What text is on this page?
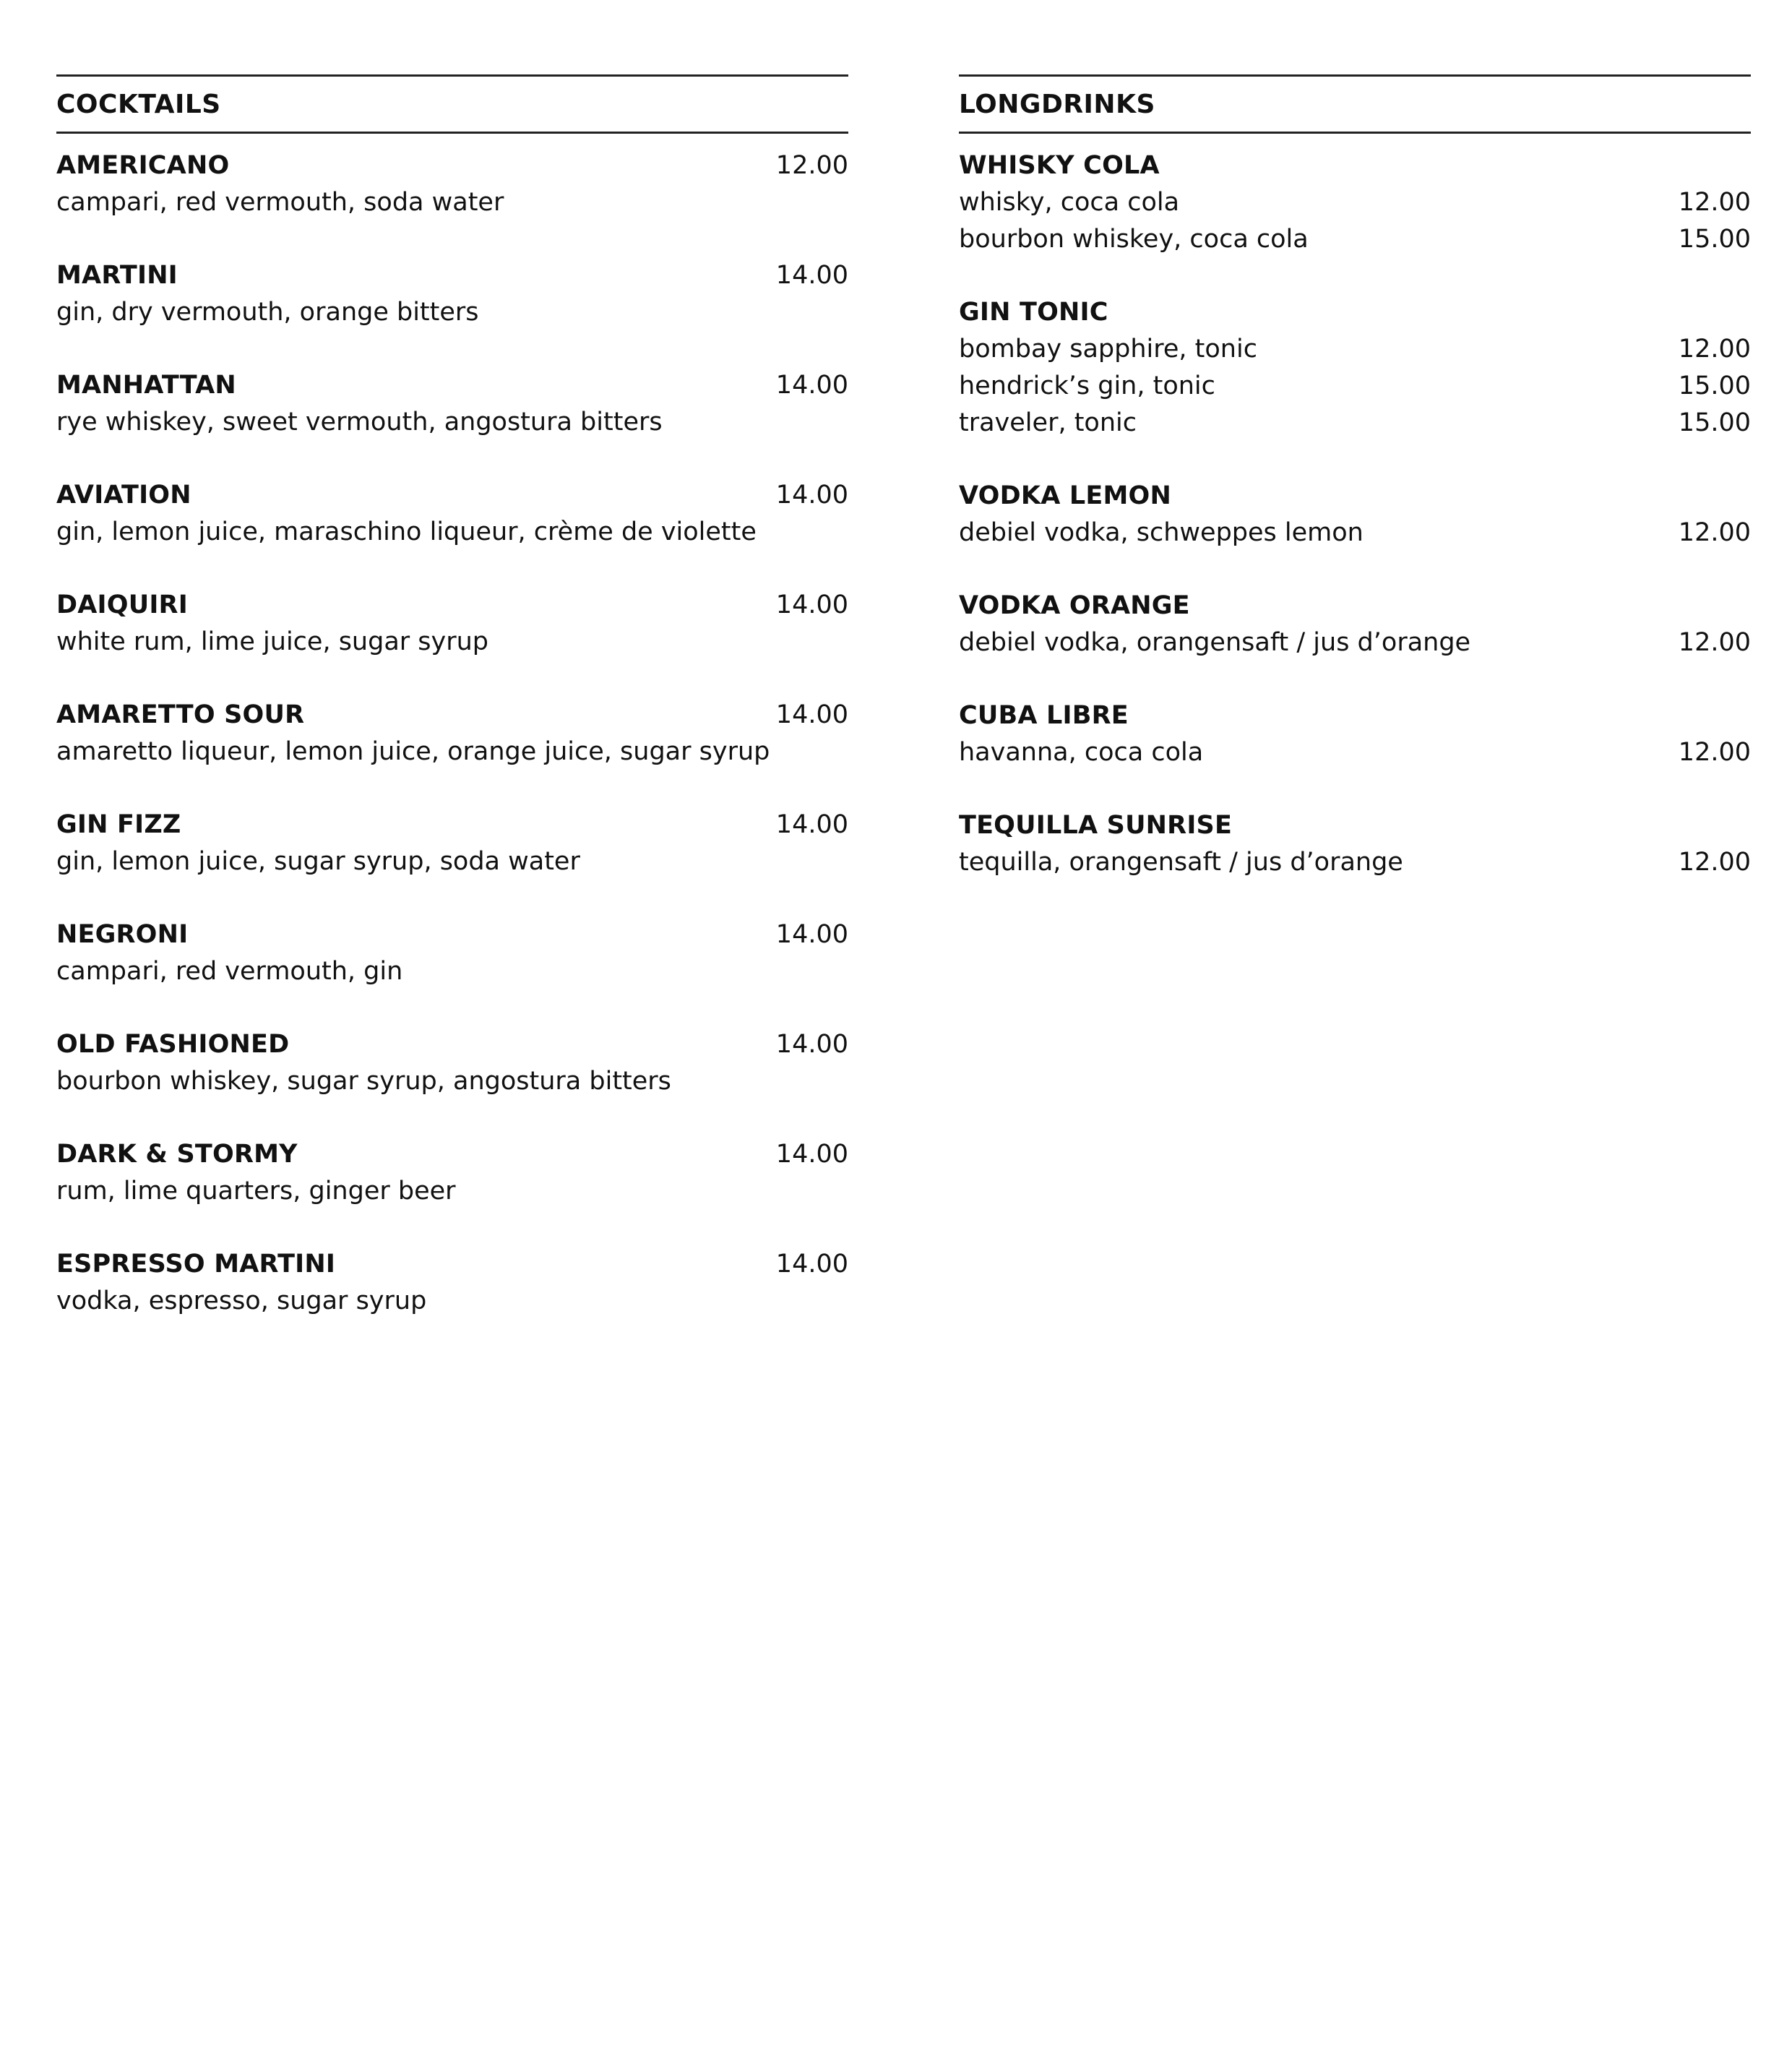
COCKTAILS
AMERICANO	12.00
campari, red vermouth, soda water
MARTINI	14.00
gin, dry vermouth, orange bitters
MANHATTAN	14.00
rye whiskey, sweet vermouth, angostura bitters
AVIATION	14.00
gin, lemon juice, maraschino liqueur, crème de violette
DAIQUIRI	14.00
white rum, lime juice, sugar syrup
AMARETTO SOUR	14.00
amaretto liqueur, lemon juice, orange juice, sugar syrup
GIN FIZZ	14.00
gin, lemon juice, sugar syrup, soda water
NEGRONI	14.00
campari, red vermouth, gin
OLD FASHIONED	14.00
bourbon whiskey, sugar syrup, angostura bitters
DARK & STORMY	14.00
rum, lime quarters, ginger beer
ESPRESSO MARTINI	14.00
vodka, espresso, sugar syrup
LONGDRINKS
WHISKY COLA
whisky, coca cola	12.00
bourbon whiskey, coca cola	15.00
GIN TONIC
bombay sapphire, tonic	12.00
hendrick’s gin, tonic	15.00
traveler, tonic	15.00
VODKA LEMON
debiel vodka, schweppes lemon	12.00
VODKA ORANGE
debiel vodka, orangensaft / jus d’orange	12.00
CUBA LIBRE
havanna, coca cola	12.00
TEQUILLA SUNRISE
tequilla, orangensaft / jus d’orange	12.00
